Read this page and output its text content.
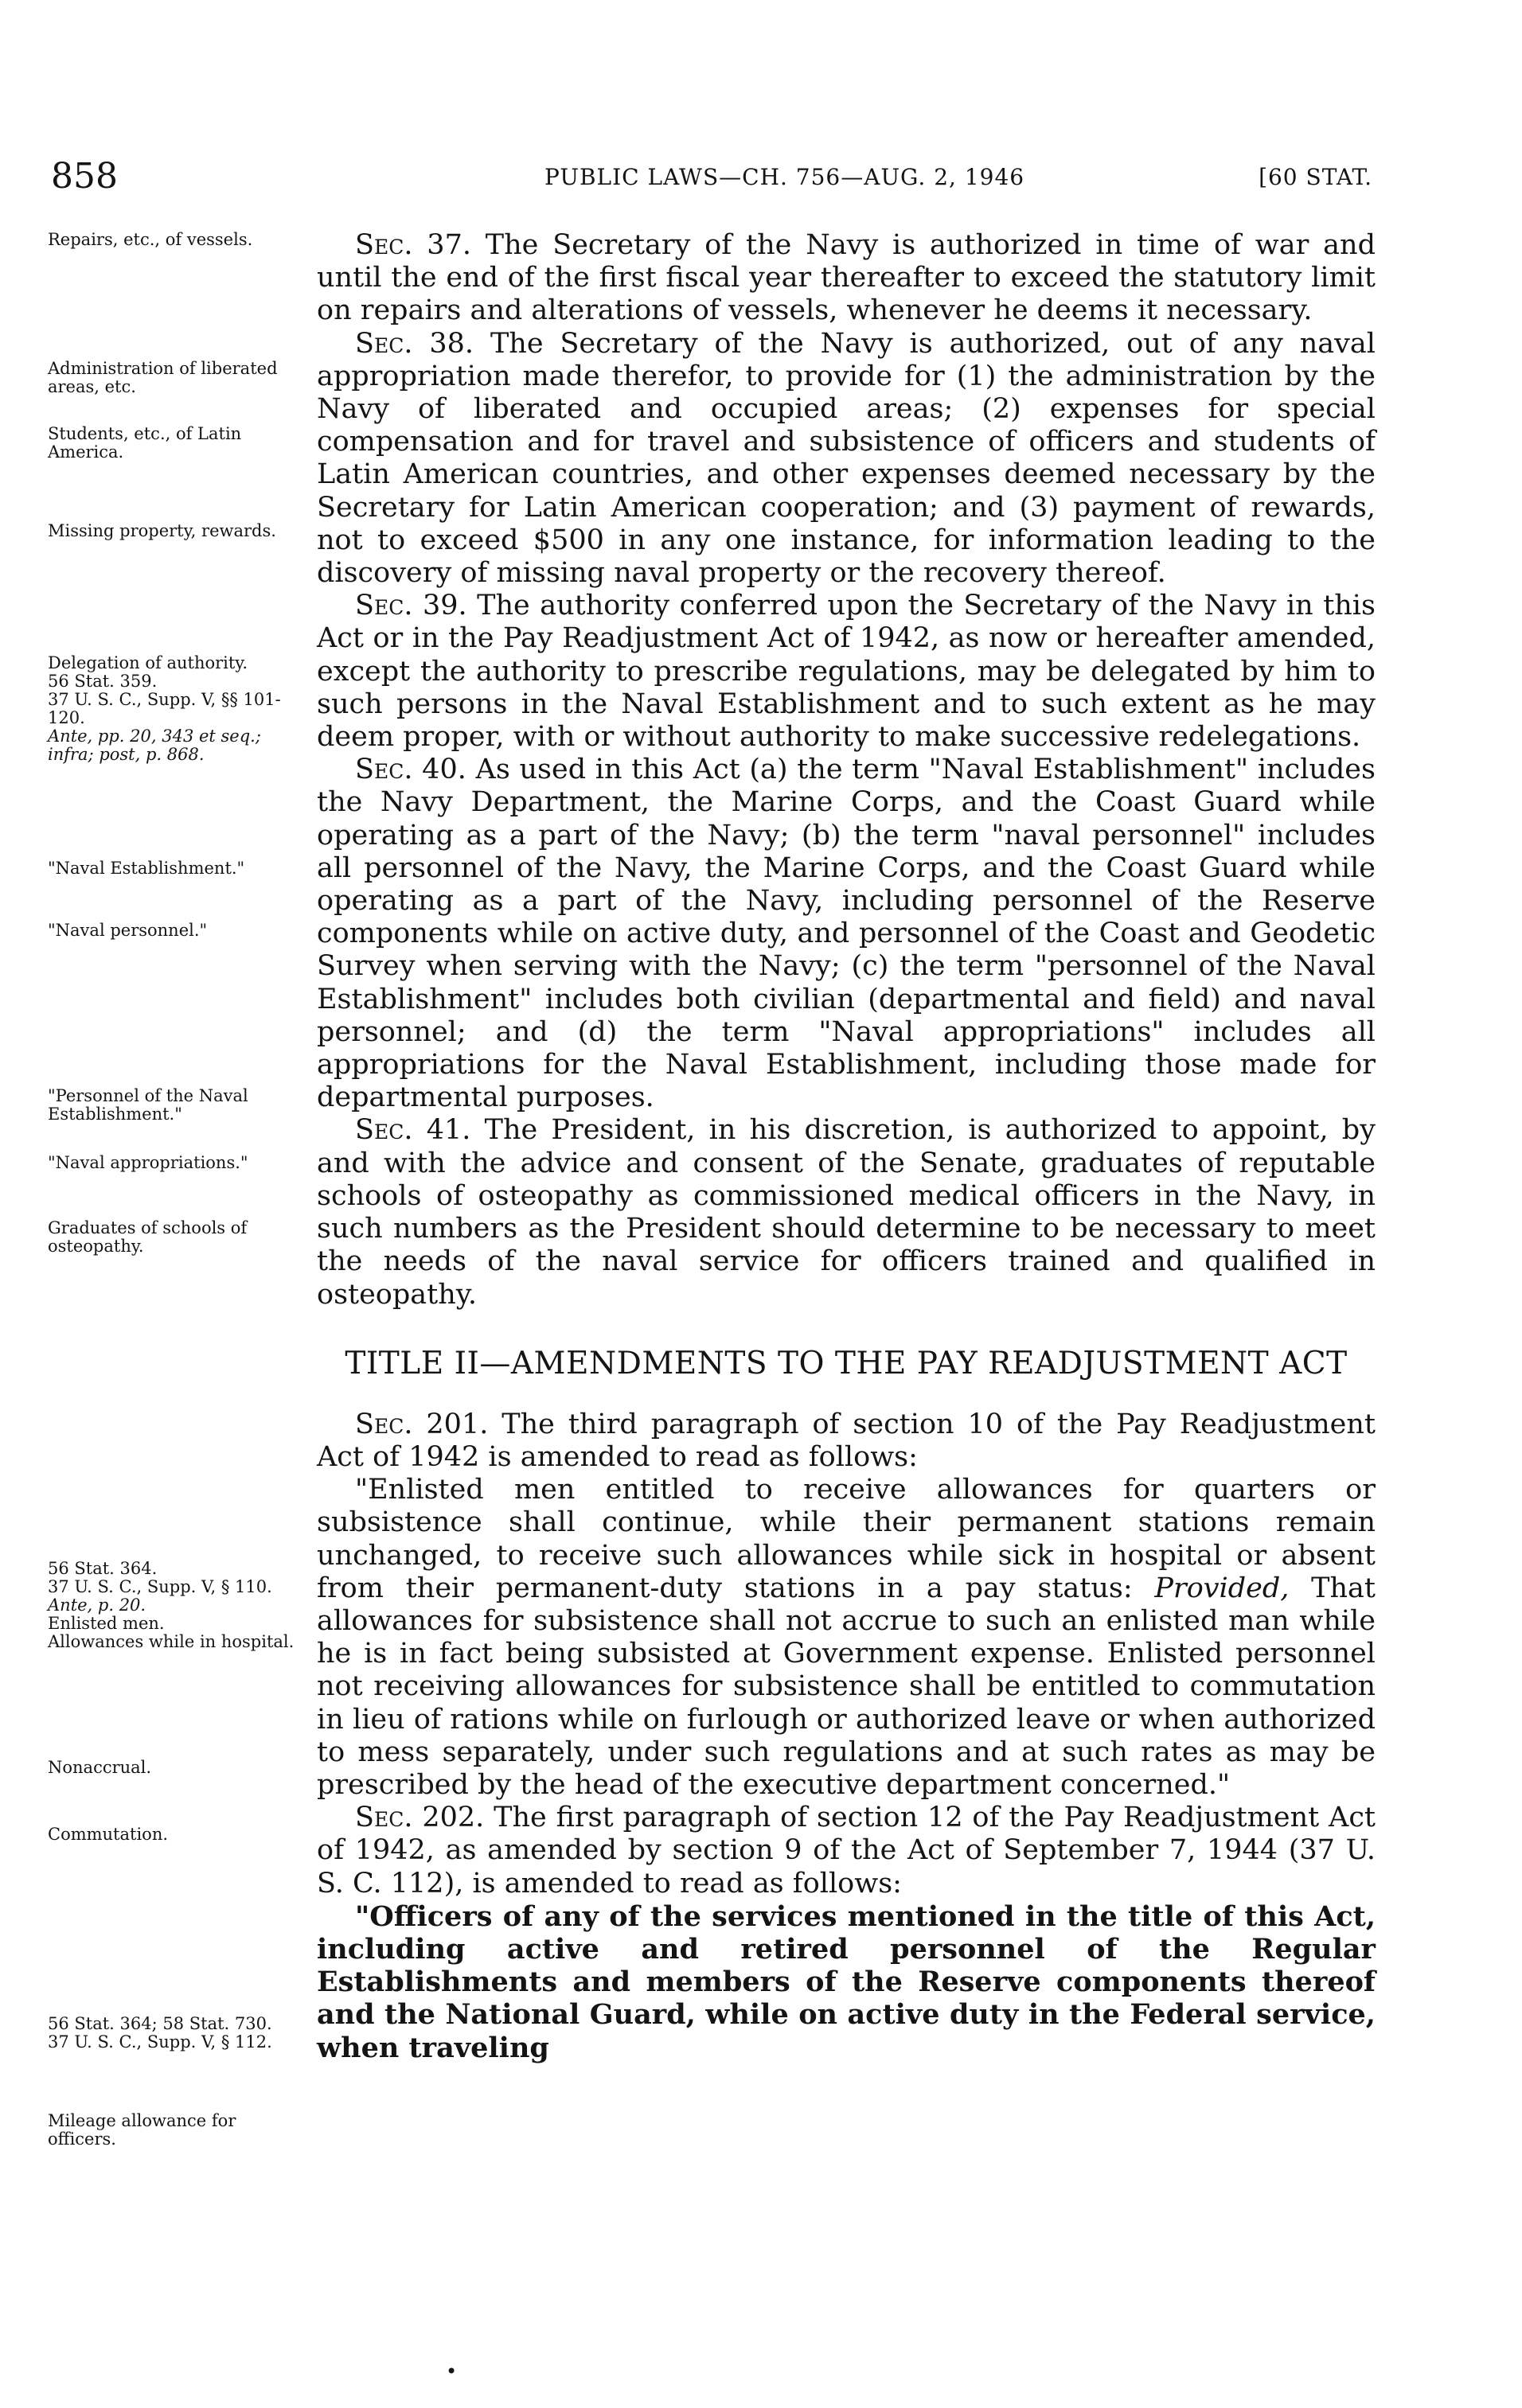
858	PUBLIC LAWS—CH. 756—AUG. 2, 1946	[60 STAT.
Repairs, etc., of vessels.
Administration of liberated areas, etc.
Students, etc., of Latin America.
Missing property, rewards.
Delegation of authority.
56 Stat. 359.
37 U. S. C., Supp. V, §§ 101-120.
Ante, pp. 20, 343 et seq.; infra; post, p. 868.
"Naval Establishment."
"Naval personnel."
"Personnel of the Naval Establishment."
"Naval appropriations."
Graduates of schools of osteopathy.
56 Stat. 364.
37 U. S. C., Supp. V, § 110.
Ante, p. 20.
Enlisted men.
Allowances while in hospital.
Nonaccrual.
Commutation.
56 Stat. 364; 58 Stat. 730.
37 U. S. C., Supp. V, § 112.
Mileage allowance for officers.

Sec. 37. The Secretary of the Navy is authorized in time of war and until the end of the first fiscal year thereafter to exceed the statutory limit on repairs and alterations of vessels, whenever he deems it necessary.

Sec. 38. The Secretary of the Navy is authorized, out of any naval appropriation made therefor, to provide for (1) the administration by the Navy of liberated and occupied areas; (2) expenses for special compensation and for travel and subsistence of officers and students of Latin American countries, and other expenses deemed necessary by the Secretary for Latin American cooperation; and (3) payment of rewards, not to exceed $500 in any one instance, for information leading to the discovery of missing naval property or the recovery thereof.

Sec. 39. The authority conferred upon the Secretary of the Navy in this Act or in the Pay Readjustment Act of 1942, as now or hereafter amended, except the authority to prescribe regulations, may be delegated by him to such persons in the Naval Establishment and to such extent as he may deem proper, with or without authority to make successive redelegations.

Sec. 40. As used in this Act (a) the term "Naval Establishment" includes the Navy Department, the Marine Corps, and the Coast Guard while operating as a part of the Navy; (b) the term "naval personnel" includes all personnel of the Navy, the Marine Corps, and the Coast Guard while operating as a part of the Navy, including personnel of the Reserve components while on active duty, and personnel of the Coast and Geodetic Survey when serving with the Navy; (c) the term "personnel of the Naval Establishment" includes both civilian (departmental and field) and naval personnel; and (d) the term "Naval appropriations" includes all appropriations for the Naval Establishment, including those made for departmental purposes.

Sec. 41. The President, in his discretion, is authorized to appoint, by and with the advice and consent of the Senate, graduates of reputable schools of osteopathy as commissioned medical officers in the Navy, in such numbers as the President should determine to be necessary to meet the needs of the naval service for officers trained and qualified in osteopathy.

TITLE II—AMENDMENTS TO THE PAY READJUSTMENT ACT

Sec. 201. The third paragraph of section 10 of the Pay Readjustment Act of 1942 is amended to read as follows:

"Enlisted men entitled to receive allowances for quarters or subsistence shall continue, while their permanent stations remain unchanged, to receive such allowances while sick in hospital or absent from their permanent-duty stations in a pay status: Provided, That allowances for subsistence shall not accrue to such an enlisted man while he is in fact being subsisted at Government expense. Enlisted personnel not receiving allowances for subsistence shall be entitled to commutation in lieu of rations while on furlough or authorized leave or when authorized to mess separately, under such regulations and at such rates as may be prescribed by the head of the executive department concerned."

Sec. 202. The first paragraph of section 12 of the Pay Readjustment Act of 1942, as amended by section 9 of the Act of September 7, 1944 (37 U. S. C. 112), is amended to read as follows:

"Officers of any of the services mentioned in the title of this Act, including active and retired personnel of the Regular Establishments and members of the Reserve components thereof and the National Guard, while on active duty in the Federal service, when traveling

•
